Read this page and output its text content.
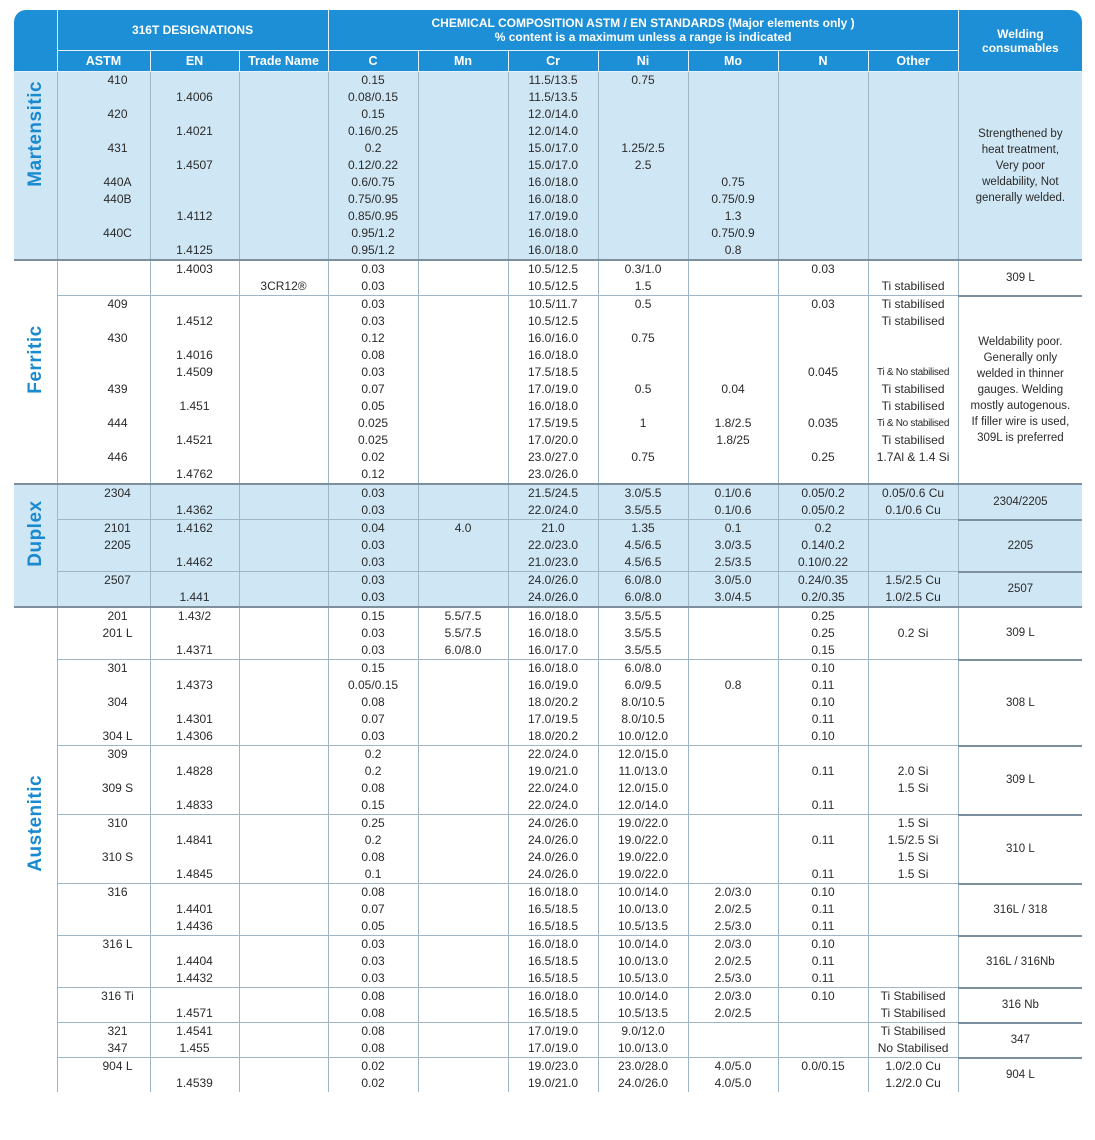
	316T DESIGNATIONS			CHEMICAL COMPOSITION ASTM / EN STANDARDS (Major elements only )
% content is a maximum unless a range is indicated							Welding consumables
	ASTM	EN	Trade Name	C	Mn	Cr	Ni	Mo	N	Other	

Martensitic	410			0.15		11.5/13.5	0.75				Strengthened by heat treatment, Very poor weldability, Not generally welded.
		1.4006		0.08/0.15		11.5/13.5					
	420			0.15		12.0/14.0					
		1.4021		0.16/0.25		12.0/14.0					
	431			0.2		15.0/17.0	1.25/2.5				
		1.4507		0.12/0.22		15.0/17.0	2.5				
	440A			0.6/0.75		16.0/18.0		0.75			
	440B			0.75/0.95		16.0/18.0		0.75/0.9			
		1.4112		0.85/0.95		17.0/19.0		1.3			
	440C			0.95/1.2		16.0/18.0		0.75/0.9			
		1.4125		0.95/1.2		16.0/18.0		0.8			

Ferritic		1.4003		0.03		10.5/12.5	0.3/1.0		0.03		309 L
			3CR12®	0.03		10.5/12.5	1.5			Ti stabilised	
	409			0.03		10.5/11.7	0.5		0.03	Ti stabilised	Weldability poor. Generally only welded in thinner gauges. Welding mostly autogenous. If filler wire is used, 309L is preferred
		1.4512		0.03		10.5/12.5				Ti stabilised	
	430			0.12		16.0/16.0	0.75				
		1.4016		0.08		16.0/18.0					
		1.4509		0.03		17.5/18.5			0.045	Ti & No stabilised	
	439			0.07		17.0/19.0	0.5	0.04		Ti stabilised	
		1.451		0.05		16.0/18.0				Ti stabilised	
	444			0.025		17.5/19.5	1	1.8/2.5	0.035	Ti & No stabilised	
		1.4521		0.025		17.0/20.0		1.8/25		Ti stabilised	
	446			0.02		23.0/27.0	0.75		0.25	1.7Al & 1.4 Si	
		1.4762		0.12		23.0/26.0					

Duplex	2304			0.03		21.5/24.5	3.0/5.5	0.1/0.6	0.05/0.2	0.05/0.6 Cu	2304/2205
		1.4362		0.03		22.0/24.0	3.5/5.5	0.1/0.6	0.05/0.2	0.1/0.6 Cu	
	2101	1.4162		0.04	4.0	21.0	1.35	0.1	0.2		2205
	2205			0.03		22.0/23.0	4.5/6.5	3.0/3.5	0.14/0.2		
		1.4462		0.03		21.0/23.0	4.5/6.5	2.5/3.5	0.10/0.22		
	2507			0.03		24.0/26.0	6.0/8.0	3.0/5.0	0.24/0.35	1.5/2.5 Cu	2507
		1.441		0.03		24.0/26.0	6.0/8.0	3.0/4.5	0.2/0.35	1.0/2.5 Cu	

Austenitic	201	1.43/2		0.15	5.5/7.5	16.0/18.0	3.5/5.5		0.25		309 L
	201 L			0.03	5.5/7.5	16.0/18.0	3.5/5.5		0.25	0.2 Si	
		1.4371		0.03	6.0/8.0	16.0/17.0	3.5/5.5		0.15		
	301			0.15		16.0/18.0	6.0/8.0		0.10		308 L
		1.4373		0.05/0.15		16.0/19.0	6.0/9.5	0.8	0.11		
	304			0.08		18.0/20.2	8.0/10.5		0.10		
		1.4301		0.07		17.0/19.5	8.0/10.5		0.11		
	304 L	1.4306		0.03		18.0/20.2	10.0/12.0		0.10		
	309			0.2		22.0/24.0	12.0/15.0				309 L
		1.4828		0.2		19.0/21.0	11.0/13.0		0.11	2.0 Si	
	309 S			0.08		22.0/24.0	12.0/15.0			1.5 Si	
		1.4833		0.15		22.0/24.0	12.0/14.0		0.11		
	310			0.25		24.0/26.0	19.0/22.0			1.5 Si	310 L
		1.4841		0.2		24.0/26.0	19.0/22.0		0.11	1.5/2.5 Si	
	310 S			0.08		24.0/26.0	19.0/22.0			1.5 Si	
		1.4845		0.1		24.0/26.0	19.0/22.0		0.11	1.5 Si	
	316			0.08		16.0/18.0	10.0/14.0	2.0/3.0	0.10		316L / 318
		1.4401		0.07		16.5/18.5	10.0/13.0	2.0/2.5	0.11		
		1.4436		0.05		16.5/18.5	10.5/13.5	2.5/3.0	0.11		
	316 L			0.03		16.0/18.0	10.0/14.0	2.0/3.0	0.10		316L / 316Nb
		1.4404		0.03		16.5/18.5	10.0/13.0	2.0/2.5	0.11		
		1.4432		0.03		16.5/18.5	10.5/13.0	2.5/3.0	0.11		
	316 Ti			0.08		16.0/18.0	10.0/14.0	2.0/3.0	0.10	Ti Stabilised	316 Nb
		1.4571		0.08		16.5/18.5	10.5/13.5	2.0/2.5		Ti Stabilised	
	321	1.4541		0.08		17.0/19.0	9.0/12.0			Ti Stabilised	347
	347	1.455		0.08		17.0/19.0	10.0/13.0			No Stabilised	
	904 L			0.02		19.0/23.0	23.0/28.0	4.0/5.0	0.0/0.15	1.0/2.0 Cu	904 L
		1.4539		0.02		19.0/21.0	24.0/26.0	4.0/5.0		1.2/2.0 Cu	
